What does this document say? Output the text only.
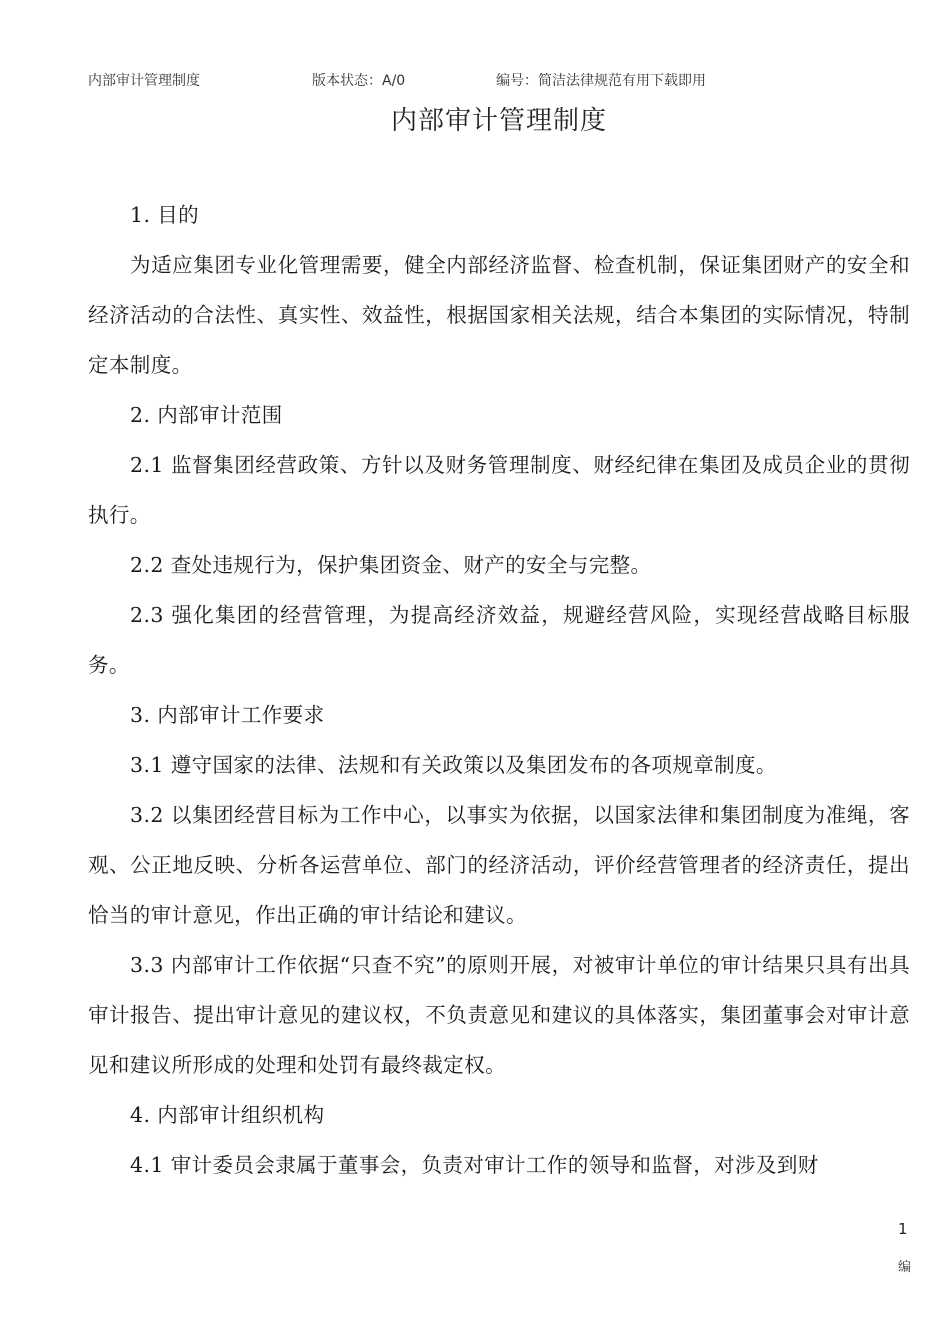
内部审计管理制度	版本状态：A/0	编号：简洁法律规范有用下载即用
内部审计管理制度

1. 目的

为适应集团专业化管理需要，健全内部经济监督、检查机制，保证集团财产的安全和经济活动的合法性、真实性、效益性，根据国家相关法规，结合本集团的实际情况，特制定本制度。

2. 内部审计范围

2.1 监督集团经营政策、方针以及财务管理制度、财经纪律在集团及成员企业的贯彻执行。

2.2 查处违规行为，保护集团资金、财产的安全与完整。

2.3 强化集团的经营管理，为提高经济效益，规避经营风险，实现经营战略目标服务。

3. 内部审计工作要求

3.1 遵守国家的法律、法规和有关政策以及集团发布的各项规章制度。

3.2 以集团经营目标为工作中心，以事实为依据，以国家法律和集团制度为准绳，客观、公正地反映、分析各运营单位、部门的经济活动，评价经营管理者的经济责任，提出恰当的审计意见，作出正确的审计结论和建议。

3.3 内部审计工作依据“只查不究”的原则开展，对被审计单位的审计结果只具有出具审计报告、提出审计意见的建议权，不负责意见和建议的具体落实，集团董事会对审计意见和建议所形成的处理和处罚有最终裁定权。

4. 内部审计组织机构

4.1 审计委员会隶属于董事会，负责对审计工作的领导和监督，对涉及到财

1
编
